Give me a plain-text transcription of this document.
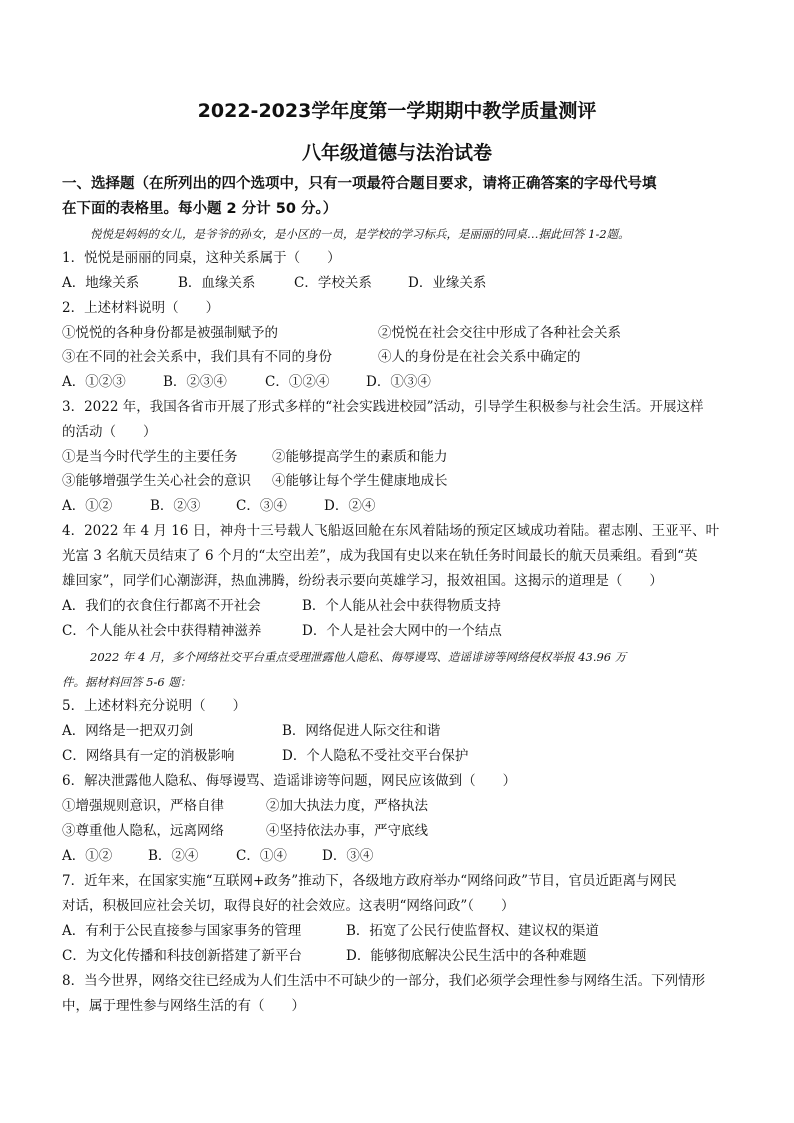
2022-2023学年度第一学期期中教学质量测评
八年级道德与法治试卷
一、选择题（在所列出的四个选项中，只有一项最符合题目要求，请将正确答案的字母代号填
在下面的表格里。每小题 2 分计 50 分。）
悦悦是妈妈的女儿，是爷爷的孙女，是小区的一员，是学校的学习标兵，是丽丽的同桌…据此回答 1-2题。
1．悦悦是丽丽的同桌，这种关系属于（　　）
A．地缘关系	B．血缘关系	C．学校关系	D．业缘关系
2．上述材料说明（　　）
①悦悦的各种身份都是被强制赋予的	②悦悦在社会交往中形成了各种社会关系
③在不同的社会关系中，我们具有不同的身份	④人的身份是在社会关系中确定的
A．①②③	B．②③④	C．①②④	D．①③④
3．2022 年，我国各省市开展了形式多样的“社会实践进校园”活动，引导学生积极参与社会生活。开展这样
的活动（　　）
①是当今时代学生的主要任务	②能够提高学生的素质和能力
③能够增强学生关心社会的意识 ④能够让每个学生健康地成长
A．①②	B．②③	C．③④	D．②④
4．2022 年 4 月 16 日，神舟十三号载人飞船返回舱在东风着陆场的预定区域成功着陆。翟志刚、王亚平、叶
光富 3 名航天员结束了 6 个月的“太空出差”，成为我国有史以来在轨任务时间最长的航天员乘组。看到“英
雄回家”，同学们心潮澎湃，热血沸腾，纷纷表示要向英雄学习，报效祖国。这揭示的道理是（　　）
A．我们的衣食住行都离不开社会	B．个人能从社会中获得物质支持
C．个人能从社会中获得精神滋养	D．个人是社会大网中的一个结点
2022 年 4 月，多个网络社交平台重点受理泄露他人隐私、侮辱谩骂、造谣诽谤等网络侵权举报 43.96 万
件。据材料回答 5-6 题：
5．上述材料充分说明（　　）
A．网络是一把双刃剑	B．网络促进人际交往和谐
C．网络具有一定的消极影响	D．个人隐私不受社交平台保护
6．解决泄露他人隐私、侮辱谩骂、造谣诽谤等问题，网民应该做到（　　）
①增强规则意识，严格自律	②加大执法力度，严格执法
③尊重他人隐私，远离网络	④坚持依法办事，严守底线
A．①②	B．②④	C．①④	D．③④
7．近年来，在国家实施“互联网+政务”推动下，各级地方政府举办“网络问政”节目，官员近距离与网民
对话，积极回应社会关切，取得良好的社会效应。这表明“网络问政”（　　）
A．有利于公民直接参与国家事务的管理	B．拓宽了公民行使监督权、建议权的渠道
C．为文化传播和科技创新搭建了新平台	D．能够彻底解决公民生活中的各种难题
8．当今世界，网络交往已经成为人们生活中不可缺少的一部分，我们必须学会理性参与网络生活。下列情形
中，属于理性参与网络生活的有（　　）
